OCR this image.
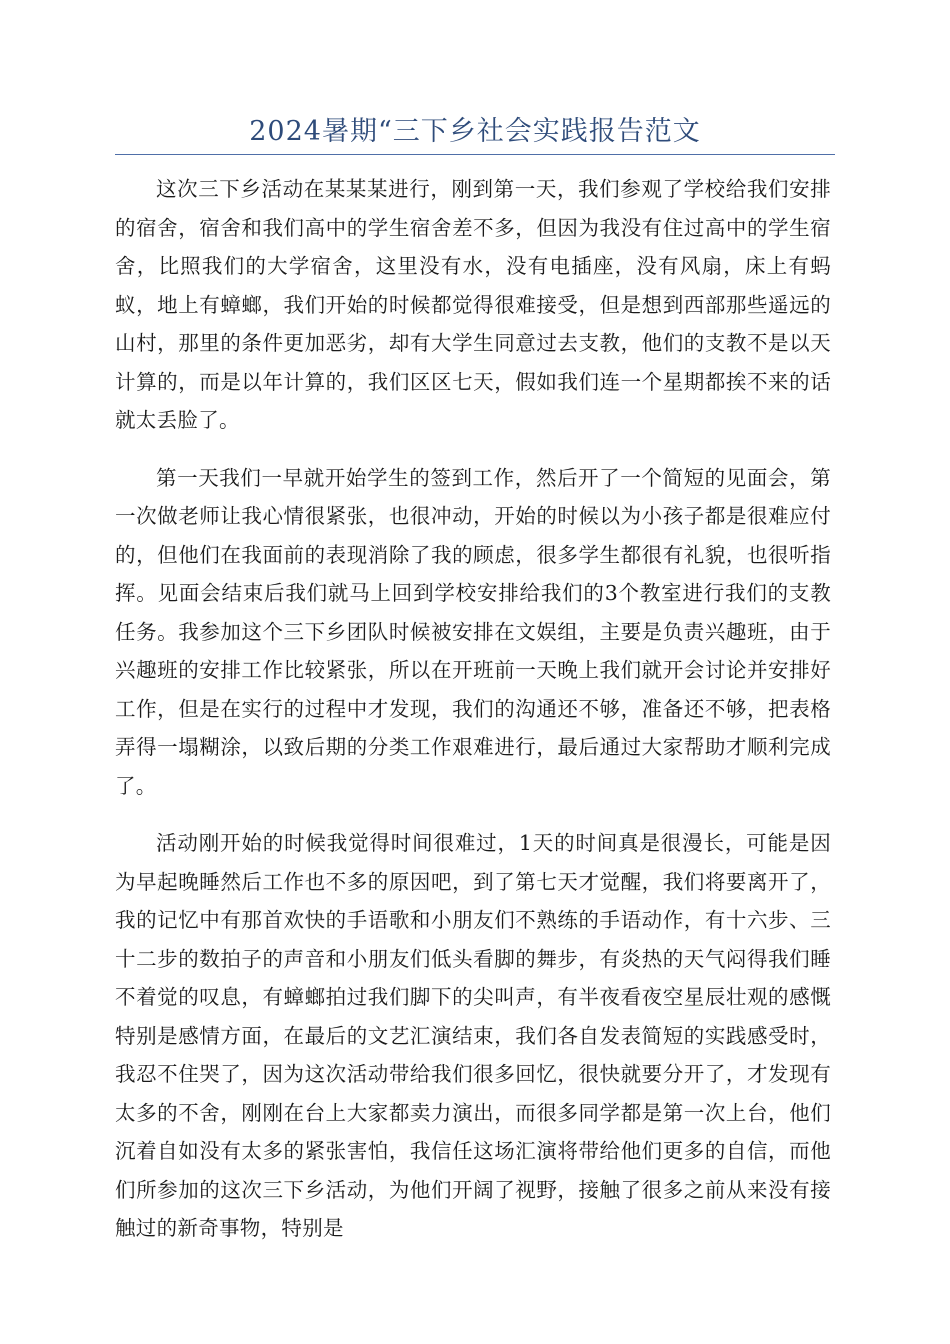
2024暑期“三下乡社会实践报告范文

这次三下乡活动在某某某进行，刚到第一天，我们参观了学校给我们安排的宿舍，宿舍和我们高中的学生宿舍差不多，但因为我没有住过高中的学生宿舍，比照我们的大学宿舍，这里没有水，没有电插座，没有风扇，床上有蚂蚁，地上有蟑螂，我们开始的时候都觉得很难接受，但是想到西部那些遥远的山村，那里的条件更加恶劣，却有大学生同意过去支教，他们的支教不是以天计算的，而是以年计算的，我们区区七天，假如我们连一个星期都挨不来的话就太丢脸了。

第一天我们一早就开始学生的签到工作，然后开了一个简短的见面会，第一次做老师让我心情很紧张，也很冲动，开始的时候以为小孩子都是很难应付的，但他们在我面前的表现消除了我的顾虑，很多学生都很有礼貌，也很听指挥。见面会结束后我们就马上回到学校安排给我们的3个教室进行我们的支教任务。我参加这个三下乡团队时候被安排在文娱组，主要是负责兴趣班，由于兴趣班的安排工作比较紧张，所以在开班前一天晚上我们就开会讨论并安排好工作，但是在实行的过程中才发现，我们的沟通还不够，准备还不够，把表格弄得一塌糊涂，以致后期的分类工作艰难进行，最后通过大家帮助才顺利完成了。

活动刚开始的时候我觉得时间很难过，1天的时间真是很漫长，可能是因为早起晚睡然后工作也不多的原因吧，到了第七天才觉醒，我们将要离开了，我的记忆中有那首欢快的手语歌和小朋友们不熟练的手语动作，有十六步、三十二步的数拍子的声音和小朋友们低头看脚的舞步，有炎热的天气闷得我们睡不着觉的叹息，有蟑螂拍过我们脚下的尖叫声，有半夜看夜空星辰壮观的感慨特别是感情方面，在最后的文艺汇演结束，我们各自发表简短的实践感受时，我忍不住哭了，因为这次活动带给我们很多回忆，很快就要分开了，才发现有太多的不舍，刚刚在台上大家都卖力演出，而很多同学都是第一次上台，他们沉着自如没有太多的紧张害怕，我信任这场汇演将带给他们更多的自信，而他们所参加的这次三下乡活动，为他们开阔了视野，接触了很多之前从来没有接触过的新奇事物，特别是
